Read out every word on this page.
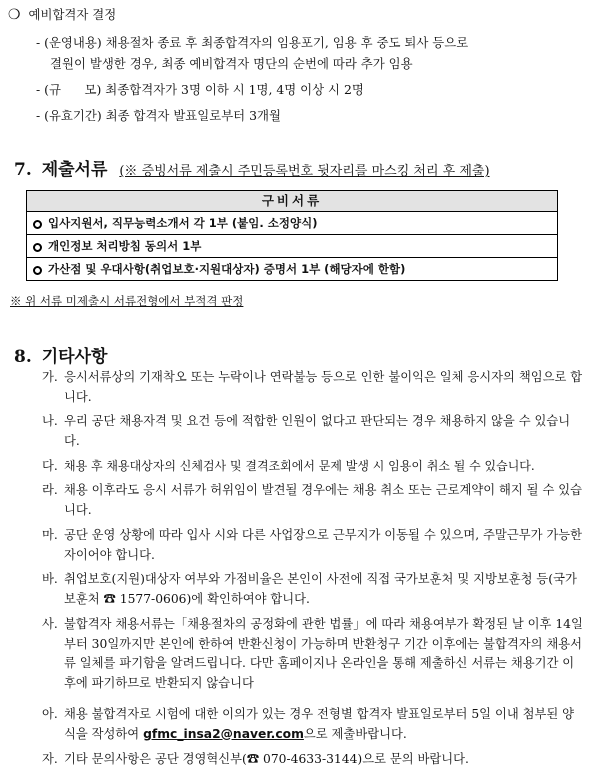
❍ 예비합격자 결정
- (운영내용) 채용절차 종료 후 최종합격자의 임용포기, 임용 후 중도 퇴사 등으로
결원이 발생한 경우, 최종 예비합격자 명단의 순번에 따라 추가 임용
- (규      모) 최종합격자가 3명 이하 시 1명, 4명 이상 시 2명
- (유효기간) 최종 합격자 발표일로부터 3개월
7. 제출서류 (※ 증빙서류 제출시 주민등록번호 뒷자리를 마스킹 처리 후 제출)
구비서류
입사지원서, 직무능력소개서 각 1부 (붙임. 소정양식)
개인정보 처리방침 동의서 1부
가산점 및 우대사항(취업보호·지원대상자) 증명서 1부 (해당자에 한함)
※ 위 서류 미제출시 서류전형에서 부적격 판정
8. 기타사항
가. 응시서류상의 기재착오 또는 누락이나 연락불능 등으로 인한 불이익은 일체 응시자의 책임으로 합니다.
나. 우리 공단 채용자격 및 요건 등에 적합한 인원이 없다고 판단되는 경우 채용하지 않을 수 있습니다.
다. 채용 후 채용대상자의 신체검사 및 결격조회에서 문제 발생 시 임용이 취소 될 수 있습니다.
라. 채용 이후라도 응시 서류가 허위임이 발견될 경우에는 채용 취소 또는 근로계약이 해지 될 수 있습니다.
마. 공단 운영 상황에 따라 입사 시와 다른 사업장으로 근무지가 이동될 수 있으며, 주말근무가 가능한 자이어야 합니다.
바. 취업보호(지원)대상자 여부와 가점비율은 본인이 사전에 직접 국가보훈처 및 지방보훈청 등(국가보훈처 ☎ 1577-0606)에 확인하여야 합니다.
사. 불합격자 채용서류는「채용절차의 공정화에 관한 법률」에 따라 채용여부가 확정된 날 이후 14일부터 30일까지만 본인에 한하여 반환신청이 가능하며 반환청구 기간 이후에는 불합격자의 채용서류 일체를 파기함을 알려드립니다. 다만 홈페이지나 온라인을 통해 제출하신 서류는 채용기간 이후에 파기하므로 반환되지 않습니다
아. 채용 불합격자로 시험에 대한 이의가 있는 경우 전형별 합격자 발표일로부터 5일 이내 첨부된 양식을 작성하여 gfmc_insa2@naver.com으로 제출바랍니다.
자. 기타 문의사항은 공단 경영혁신부(☎ 070-4633-3144)으로 문의 바랍니다.
